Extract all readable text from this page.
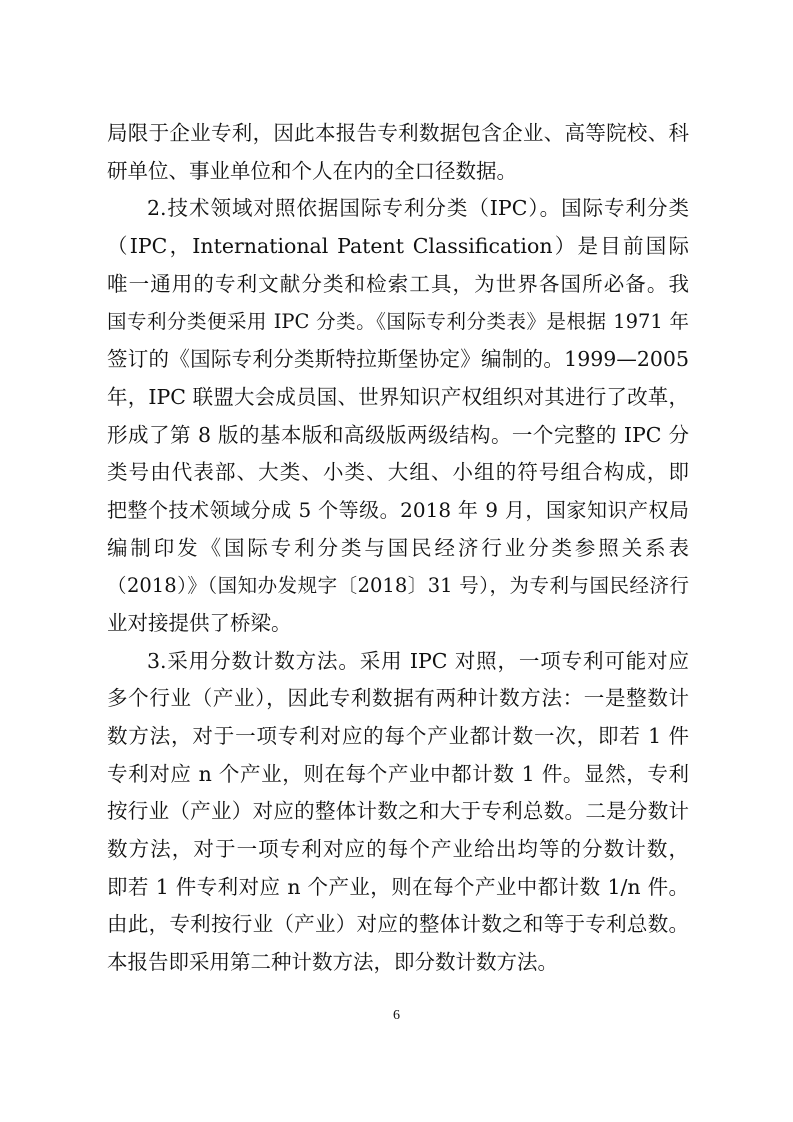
局限于企业专利，因此本报告专利数据包含企业、高等院校、科
研单位、事业单位和个人在内的全口径数据。
2.技术领域对照依据国际专利分类（IPC）。国际专利分类
（IPC，International Patent Classification）是目前国际
唯一通用的专利文献分类和检索工具，为世界各国所必备。我
国专利分类便采用 IPC 分类。《国际专利分类表》是根据 1971 年
签订的《国际专利分类斯特拉斯堡协定》编制的。1999—2005
年，IPC 联盟大会成员国、世界知识产权组织对其进行了改革，
形成了第 8 版的基本版和高级版两级结构。一个完整的 IPC 分
类号由代表部、大类、小类、大组、小组的符号组合构成，即
把整个技术领域分成 5 个等级。2018 年 9 月，国家知识产权局
编制印发《国际专利分类与国民经济行业分类参照关系表
（2018）》（国知办发规字〔2018〕31 号），为专利与国民经济行
业对接提供了桥梁。
3.采用分数计数方法。采用 IPC 对照，一项专利可能对应
多个行业（产业），因此专利数据有两种计数方法：一是整数计
数方法，对于一项专利对应的每个产业都计数一次，即若 1 件
专利对应 n 个产业，则在每个产业中都计数 1 件。显然，专利
按行业（产业）对应的整体计数之和大于专利总数。二是分数计
数方法，对于一项专利对应的每个产业给出均等的分数计数，
即若 1 件专利对应 n 个产业，则在每个产业中都计数 1/n 件。
由此，专利按行业（产业）对应的整体计数之和等于专利总数。
本报告即采用第二种计数方法，即分数计数方法。
6
